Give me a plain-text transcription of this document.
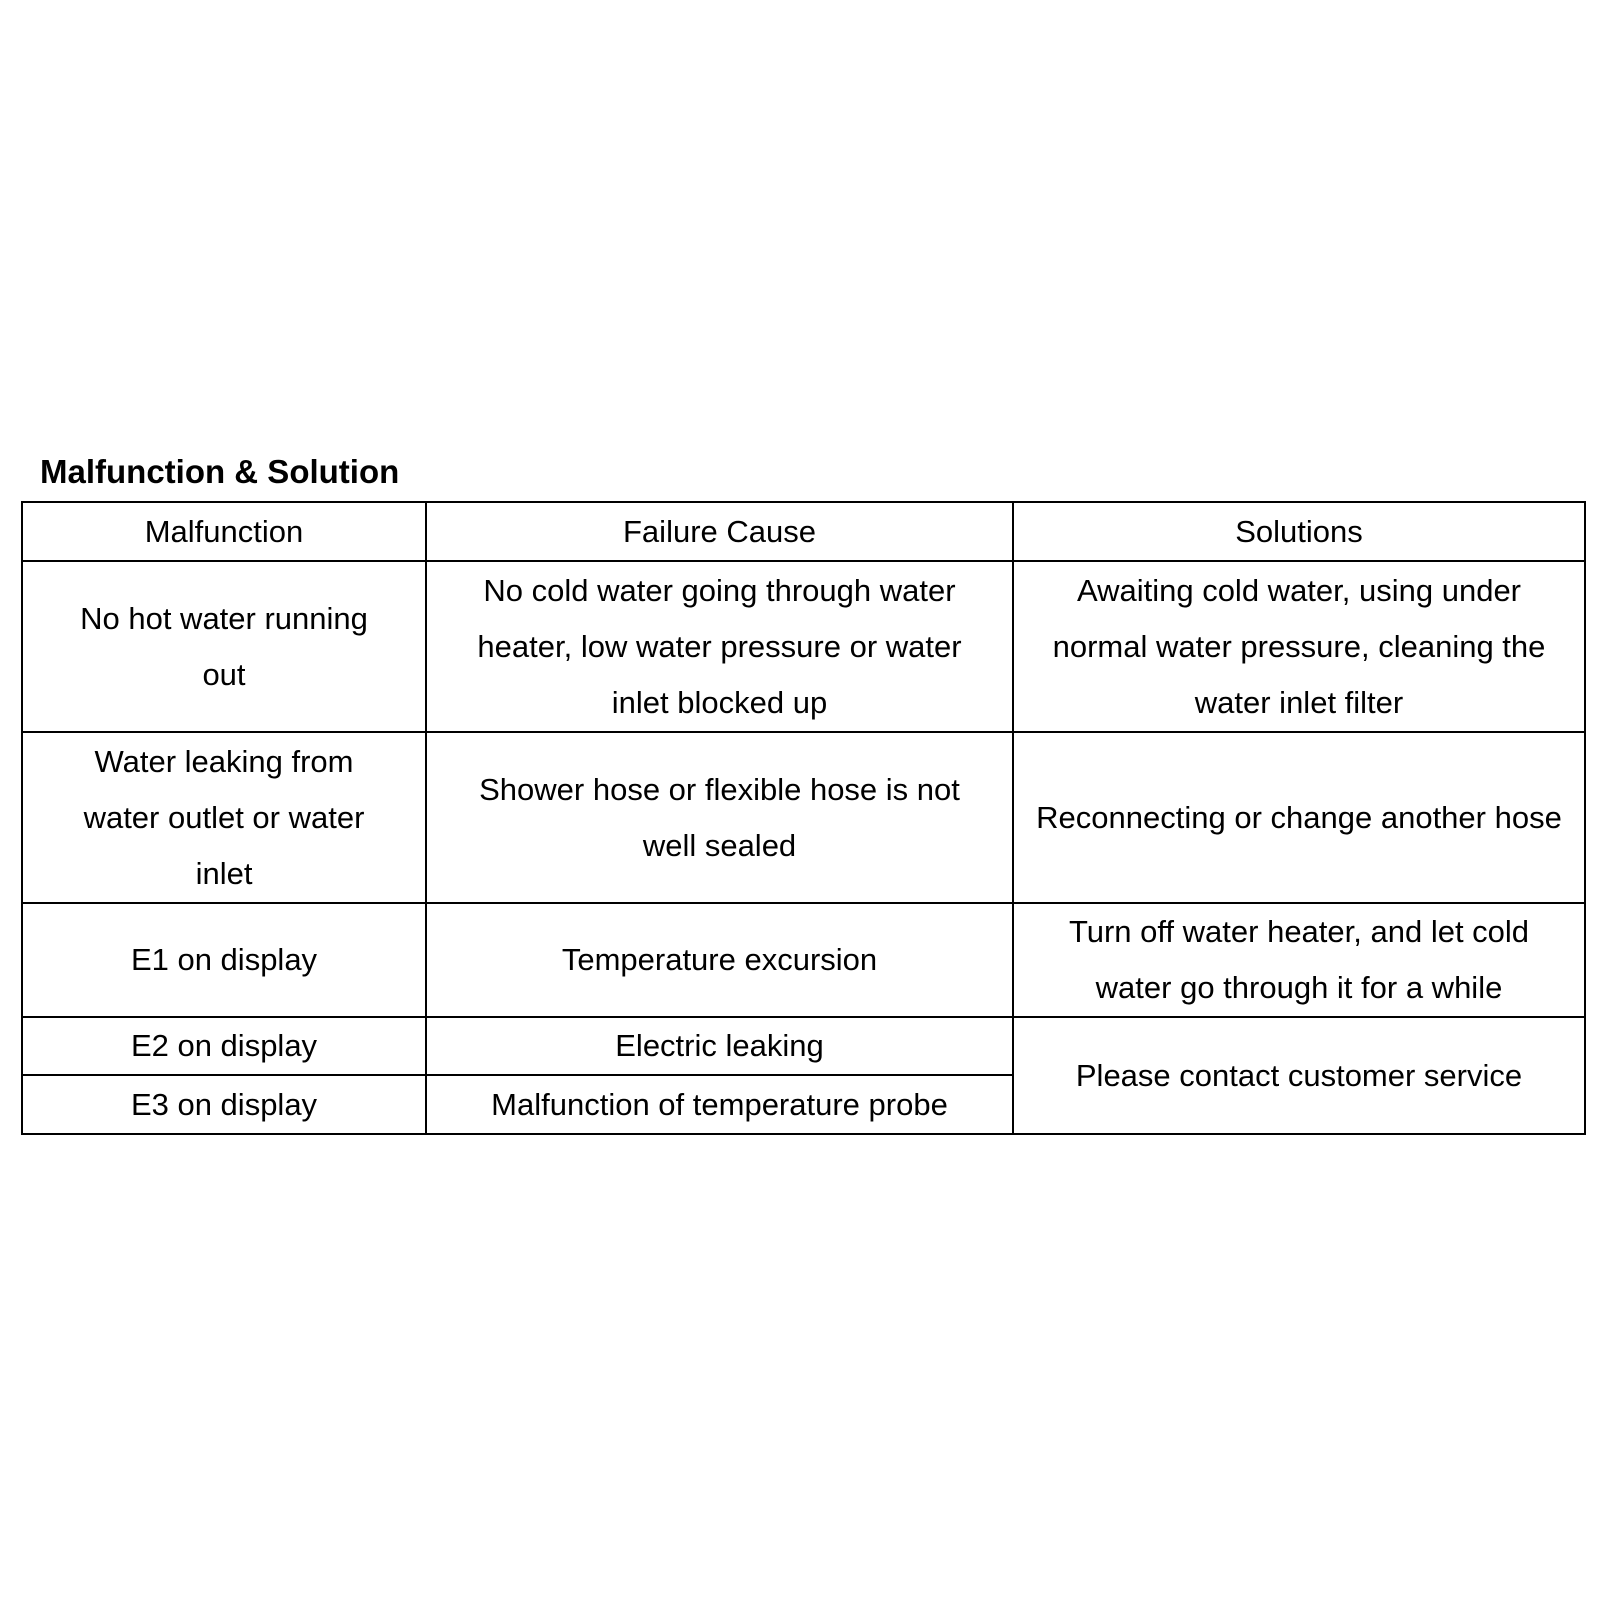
Malfunction & Solution
Malfunction	Failure Cause	Solutions
No hot water running out	No cold water going through water heater, low water pressure or water inlet blocked up	Awaiting cold water, using under normal water pressure, cleaning the water inlet filter
Water leaking from water outlet or water inlet	Shower hose or flexible hose is not well sealed	Reconnecting or change another hose
E1 on display	Temperature excursion	Turn off water heater, and let cold water go through it for a while
E2 on display	Electric leaking	Please contact customer service
E3 on display	Malfunction of temperature probe	
